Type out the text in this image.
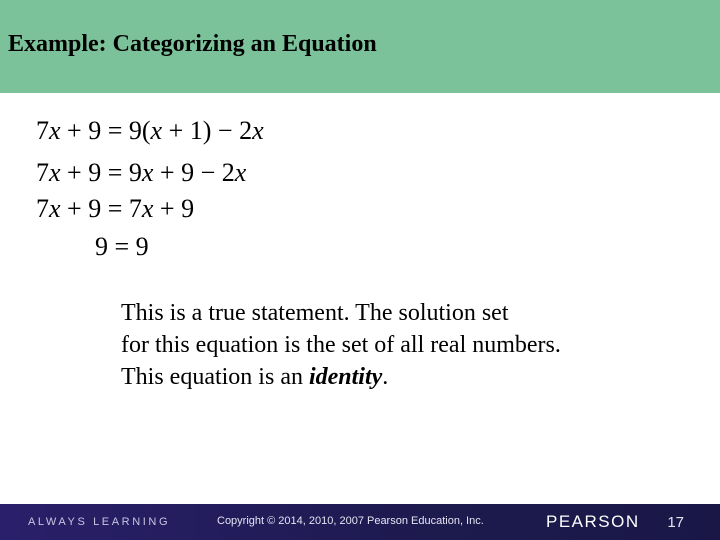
Example: Categorizing an Equation
7x + 9 = 9(x + 1) − 2x
7x + 9 = 9x + 9 − 2x
7x + 9 = 7x + 9
9 = 9

This is a true statement. The solution set

for this equation is the set of all real numbers.

This equation is an identity.

ALWAYS LEARNING	Copyright © 2014, 2010, 2007 Pearson Education, Inc.	PEARSON 17
